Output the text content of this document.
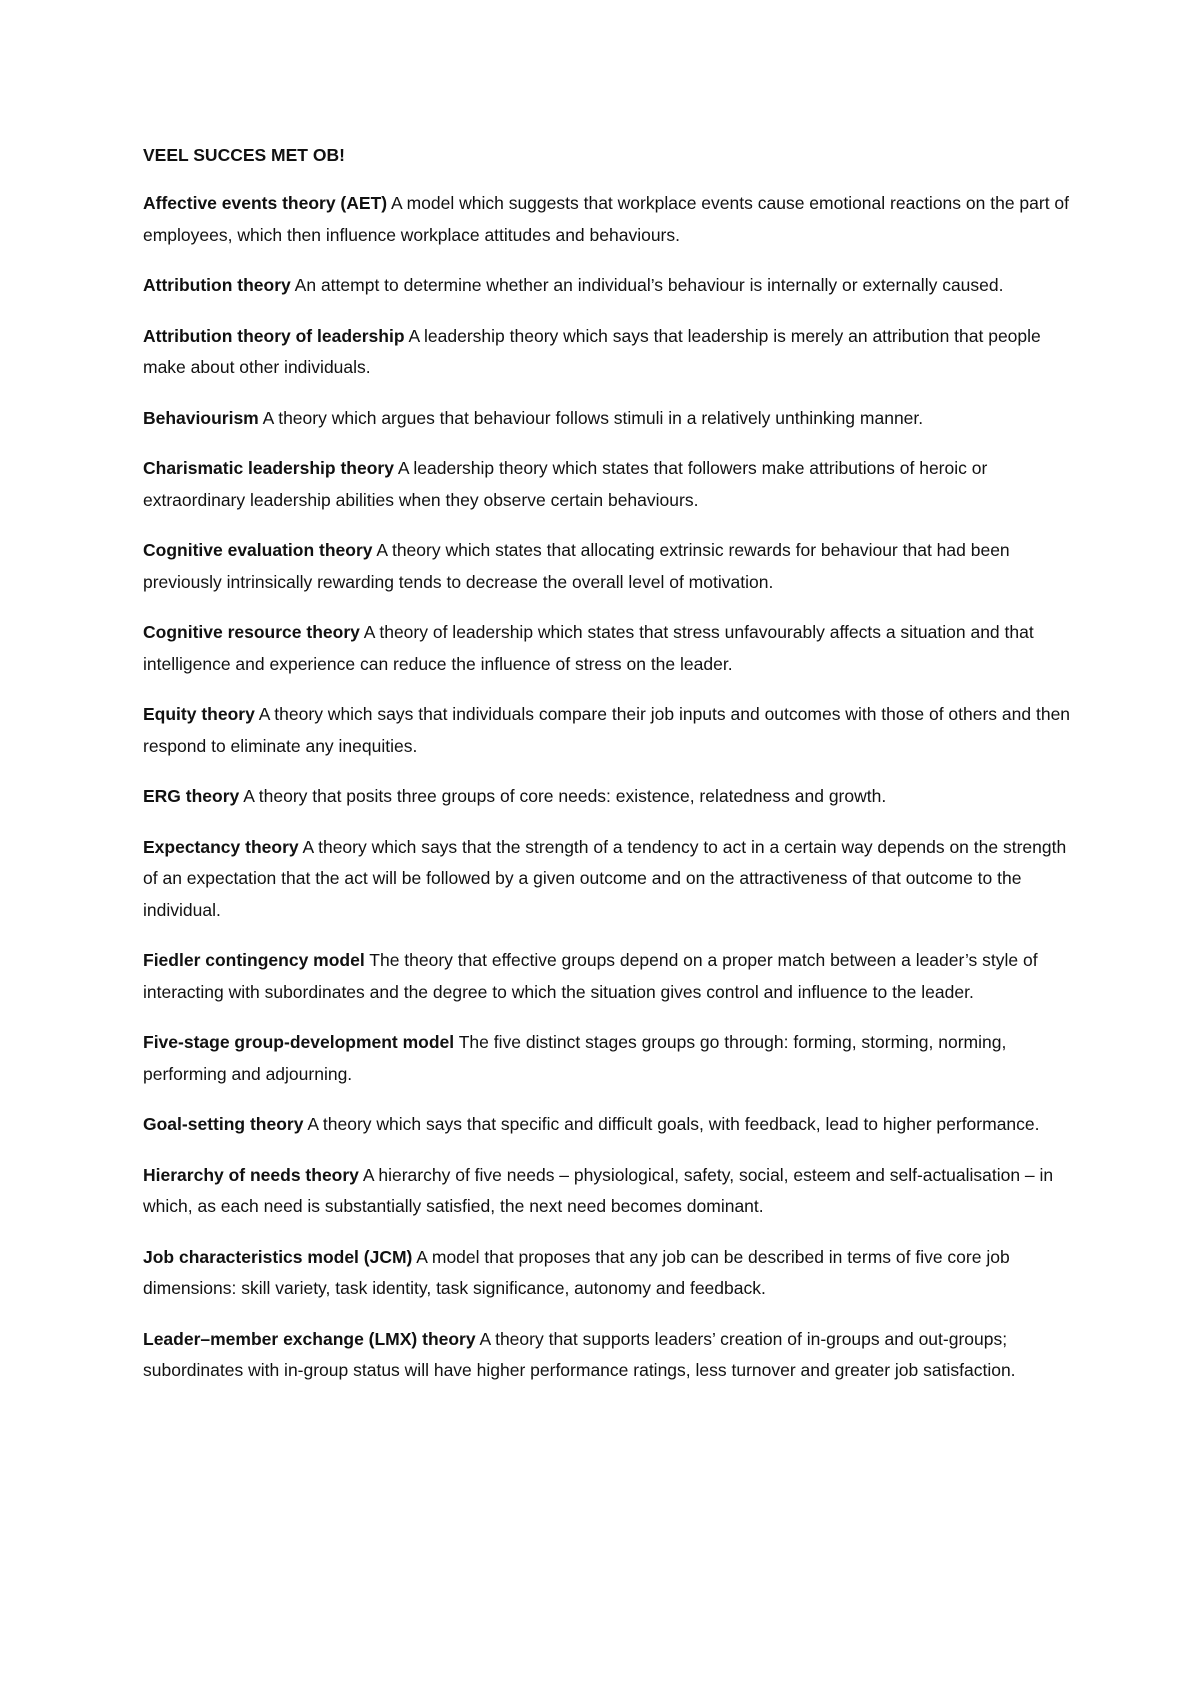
VEEL SUCCES MET OB!

Affective events theory (AET) A model which suggests that workplace events cause emotional reactions on the part of employees, which then influence workplace attitudes and behaviours.

Attribution theory An attempt to determine whether an individual’s behaviour is internally or externally caused.

Attribution theory of leadership A leadership theory which says that leadership is merely an attribution that people make about other individuals.

Behaviourism A theory which argues that behaviour follows stimuli in a relatively unthinking manner.

Charismatic leadership theory A leadership theory which states that followers make attributions of heroic or extraordinary leadership abilities when they observe certain behaviours.

Cognitive evaluation theory A theory which states that allocating extrinsic rewards for behaviour that had been previously intrinsically rewarding tends to decrease the overall level of motivation.

Cognitive resource theory A theory of leadership which states that stress unfavourably affects a situation and that intelligence and experience can reduce the influence of stress on the leader.

Equity theory A theory which says that individuals compare their job inputs and outcomes with those of others and then respond to eliminate any inequities.

ERG theory A theory that posits three groups of core needs: existence, relatedness and growth.

Expectancy theory A theory which says that the strength of a tendency to act in a certain way depends on the strength of an expectation that the act will be followed by a given outcome and on the attractiveness of that outcome to the individual.

Fiedler contingency model The theory that effective groups depend on a proper match between a leader’s style of interacting with subordinates and the degree to which the situation gives control and influence to the leader.

Five-stage group-development model The five distinct stages groups go through: forming, storming, norming, performing and adjourning.

Goal-setting theory A theory which says that specific and difficult goals, with feedback, lead to higher performance.

Hierarchy of needs theory A hierarchy of five needs – physiological, safety, social, esteem and self-actualisation – in which, as each need is substantially satisfied, the next need becomes dominant.

Job characteristics model (JCM) A model that proposes that any job can be described in terms of five core job dimensions: skill variety, task identity, task significance, autonomy and feedback.

Leader–member exchange (LMX) theory A theory that supports leaders’ creation of in-groups and out-groups; subordinates with in-group status will have higher performance ratings, less turnover and greater job satisfaction.
